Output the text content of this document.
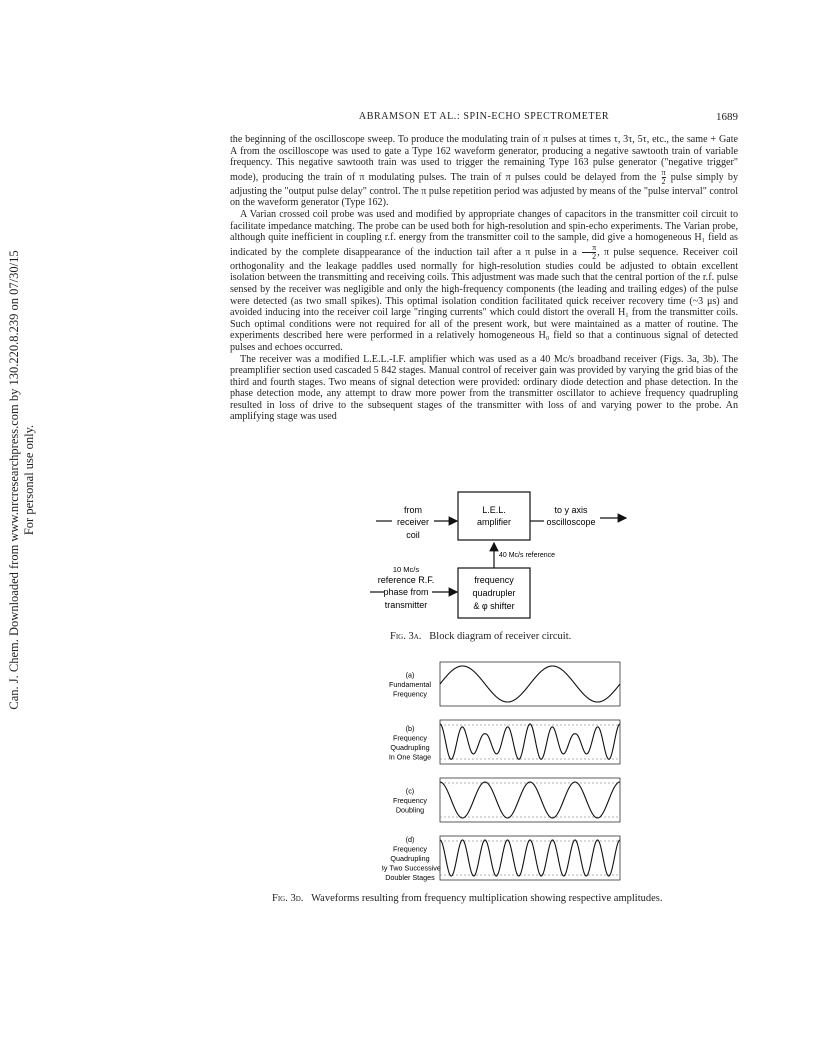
Can. J. Chem. Downloaded from www.nrcresearchpress.com by 130.220.8.239 on 07/30/15 For personal use only.
ABRAMSON ET AL.: SPIN-ECHO SPECTROMETER	1689

the beginning of the oscilloscope sweep. To produce the modulating train of π pulses at times τ, 3τ, 5τ, etc., the same + Gate A from the oscilloscope was used to gate a Type 162 waveform generator, producing a negative sawtooth train of variable frequency. This negative sawtooth train was used to trigger the remaining Type 163 pulse generator ("negative trigger" mode), producing the train of π modulating pulses. The train of π pulses could be delayed from the $\frac{\pi}{2}$ pulse simply by adjusting the "output pulse delay" control. The π pulse repetition period was adjusted by means of the "pulse interval" control on the waveform generator (Type 162).

A Varian crossed coil probe was used and modified by appropriate changes of capacitors in the transmitter coil circuit to facilitate impedance matching. The probe can be used both for high-resolution and spin-echo experiments. The Varian probe, although quite inefficient in coupling r.f. energy from the transmitter coil to the sample, did give a homogeneous H₁ field as indicated by the complete disappearance of the induction tail after a π pulse in a $\frac{\pi}{2}$ , π pulse sequence. Receiver coil orthogonality and the leakage paddles used normally for high-resolution studies could be adjusted to obtain excellent isolation between the transmitting and receiving coils. This adjustment was made such that the central portion of the r.f. pulse sensed by the receiver was negligible and only the high-frequency components (the leading and trailing edges) of the pulse were detected (as two small spikes). This optimal isolation condition facilitated quick receiver recovery time (~3 μs) and avoided inducing into the receiver coil large "ringing currents" which could distort the overall H₁ from the transmitter coils. Such optimal conditions were not required for all of the present work, but were maintained as a matter of routine. The experiments described here were performed in a relatively homogeneous H₀ field so that a continuous signal of detected pulses and echoes occurred.

The receiver was a modified L.E.L.-I.F. amplifier which was used as a 40 Mc/s broadband receiver (Figs. 3a, 3b). The preamplifier section used cascaded 5 842 stages. Manual control of receiver gain was provided by varying the grid bias of the third and fourth stages. Two means of signal detection were provided: ordinary diode detection and phase detection. In the phase detection mode, any attempt to draw more power from the transmitter oscillator to achieve frequency quadrupling resulted in loss of drive to the subsequent stages of the transmitter with loss of and varying power to the probe. An amplifying stage was used

L.E.L.
amplifier
from
receiver
coil
to y axis
oscilloscope
40 Mc/s reference
frequency
quadrupler
& φ shifter
10 Mc/s
reference R.F.
phase from
transmitter
Fig. 3a. Block diagram of receiver circuit.
(a)
Fundamental
Frequency
(b)
Frequency
Quadrupling
In One Stage
(c)
Frequency
Doubling
(d)
Frequency
Quadrupling
By Two Successive
Doubler Stages
Fig. 3d. Waveforms resulting from frequency multiplication showing respective amplitudes.
